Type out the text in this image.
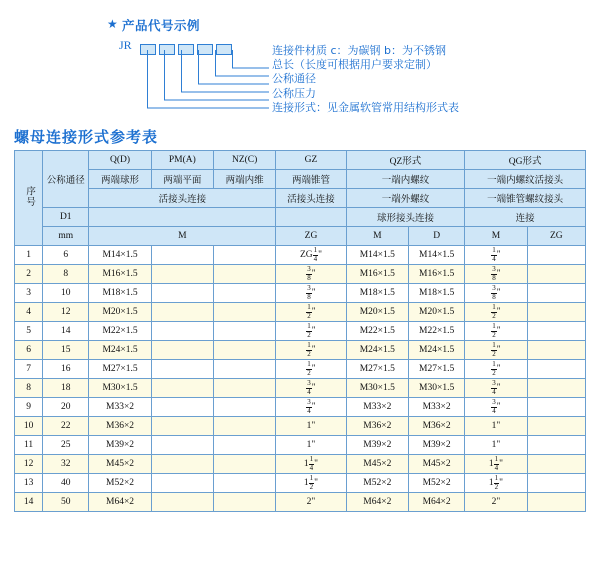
★ 产品代号示例
JR	连接件材质 c：为碳钢 b：为不锈钢
总长（长度可根据用户要求定制）
公称通径
公称压力
连接形式：见金属软管常用结构形式表
螺母连接形式参考表
序号	公称通径	Q(D)	PM(A)	NZ(C)	GZ	QZ形式		QG形式	
		两端球形	两端平面	两端内维	两端锥管	一端内螺纹		一端内螺纹活接头	
		活接头连接			活接头连接	一端外螺纹		一端锥管螺纹接头	
	D1					球形接头连接		连接	
	mm	M			ZG	M	D	M	ZG
1	6	M14×1.5			ZG $\frac{1}{4}$ "	M14×1.5	M14×1.5	$\frac{1}{4}$ "	
2	8	M16×1.5			$\frac{3}{8}$ "	M16×1.5	M16×1.5	$\frac{3}{8}$ "	
3	10	M18×1.5			$\frac{3}{8}$ "	M18×1.5	M18×1.5	$\frac{3}{8}$ "	
4	12	M20×1.5			$\frac{1}{2}$ "	M20×1.5	M20×1.5	$\frac{1}{2}$ "	
5	14	M22×1.5			$\frac{1}{2}$ "	M22×1.5	M22×1.5	$\frac{1}{2}$ "	
6	15	M24×1.5			$\frac{1}{2}$ "	M24×1.5	M24×1.5	$\frac{1}{2}$ "	
7	16	M27×1.5			$\frac{1}{2}$ "	M27×1.5	M27×1.5	$\frac{1}{2}$ "	
8	18	M30×1.5			$\frac{3}{4}$ "	M30×1.5	M30×1.5	$\frac{3}{4}$ "	
9	20	M33×2			$\frac{3}{4}$ "	M33×2	M33×2	$\frac{3}{4}$ "	
10	22	M36×2			1"	M36×2	M36×2	1"	
11	25	M39×2			1"	M39×2	M39×2	1"	
12	32	M45×2			$1 \frac{1}{4}$ "	M45×2	M45×2	$1 \frac{1}{4}$ "	
13	40	M52×2			$1 \frac{1}{2}$ "	M52×2	M52×2	$1 \frac{1}{2}$ "	
14	50	M64×2			2"	M64×2	M64×2	2"	
